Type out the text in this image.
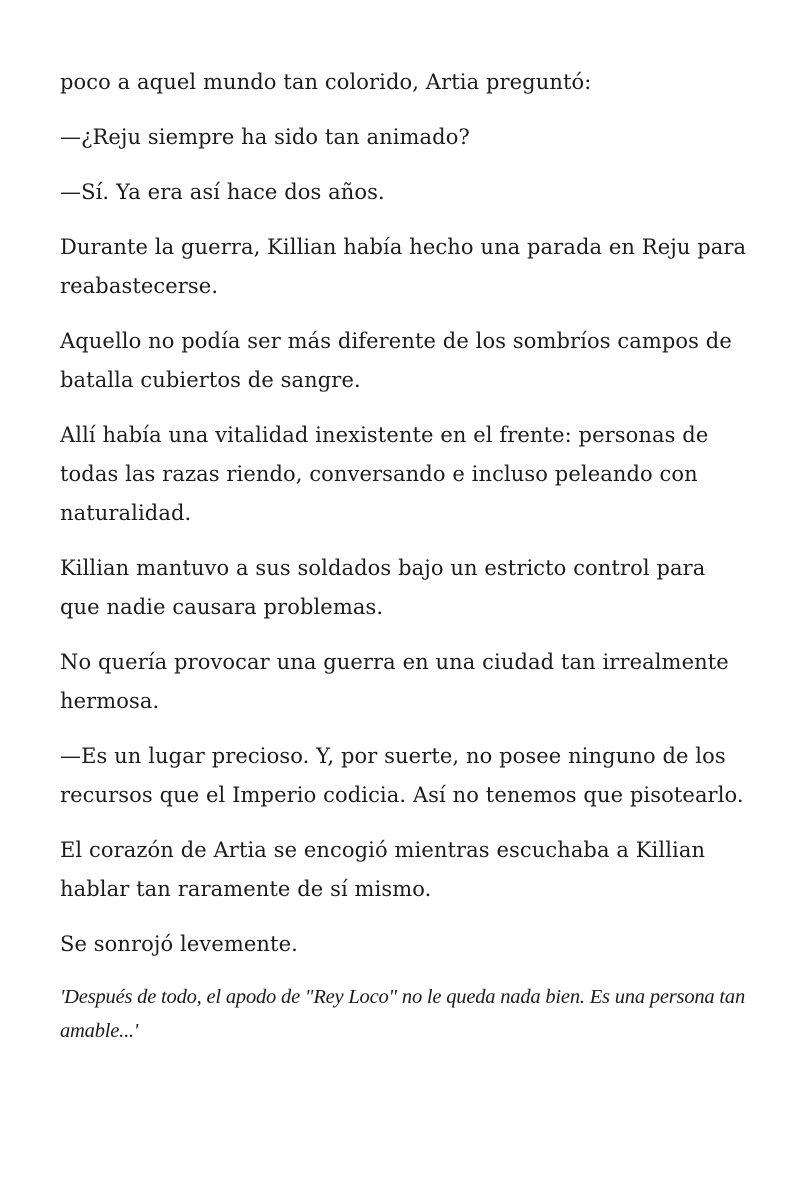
poco a aquel mundo tan colorido, Artia preguntó:

—¿Reju siempre ha sido tan animado?

—Sí. Ya era así hace dos años.

Durante la guerra, Killian había hecho una parada en Reju para reabastecerse.

Aquello no podía ser más diferente de los sombríos campos de batalla cubiertos de sangre.

Allí había una vitalidad inexistente en el frente: personas de todas las razas riendo, conversando e incluso peleando con naturalidad.

Killian mantuvo a sus soldados bajo un estricto control para que nadie causara problemas.

No quería provocar una guerra en una ciudad tan irrealmente hermosa.

—Es un lugar precioso. Y, por suerte, no posee ninguno de los recursos que el Imperio codicia. Así no tenemos que pisotearlo.

El corazón de Artia se encogió mientras escuchaba a Killian hablar tan raramente de sí mismo.

Se sonrojó levemente.

'Después de todo, el apodo de "Rey Loco" no le queda nada bien. Es una persona tan amable...'
